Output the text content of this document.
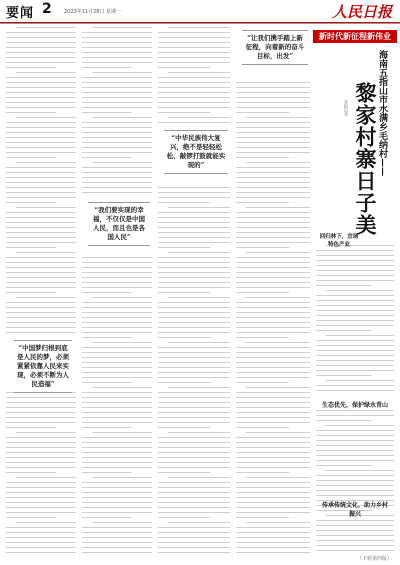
要闻 2 2023年11月28日 星期一	人民日报
“中国梦归根到底是人民的梦，必须紧紧依靠人民来实现，必须不断为人民造福”
“我们要实现的幸福，不仅仅是中国人民，而且也是各国人民”
“中华民族伟大复兴，绝不是轻轻松松、敲锣打鼓就能实现的”
“让我们携手踏上新征程，向着新的奋斗目标，出发”
新时代新征程新伟业
海南五指山市水满乡毛纳村——
黎家村寨日子美
本报记者
回归林下，宜场特色产业
生态优先，保护绿水青山
传承传统文化，助力乡村振兴
（下转第四版）
